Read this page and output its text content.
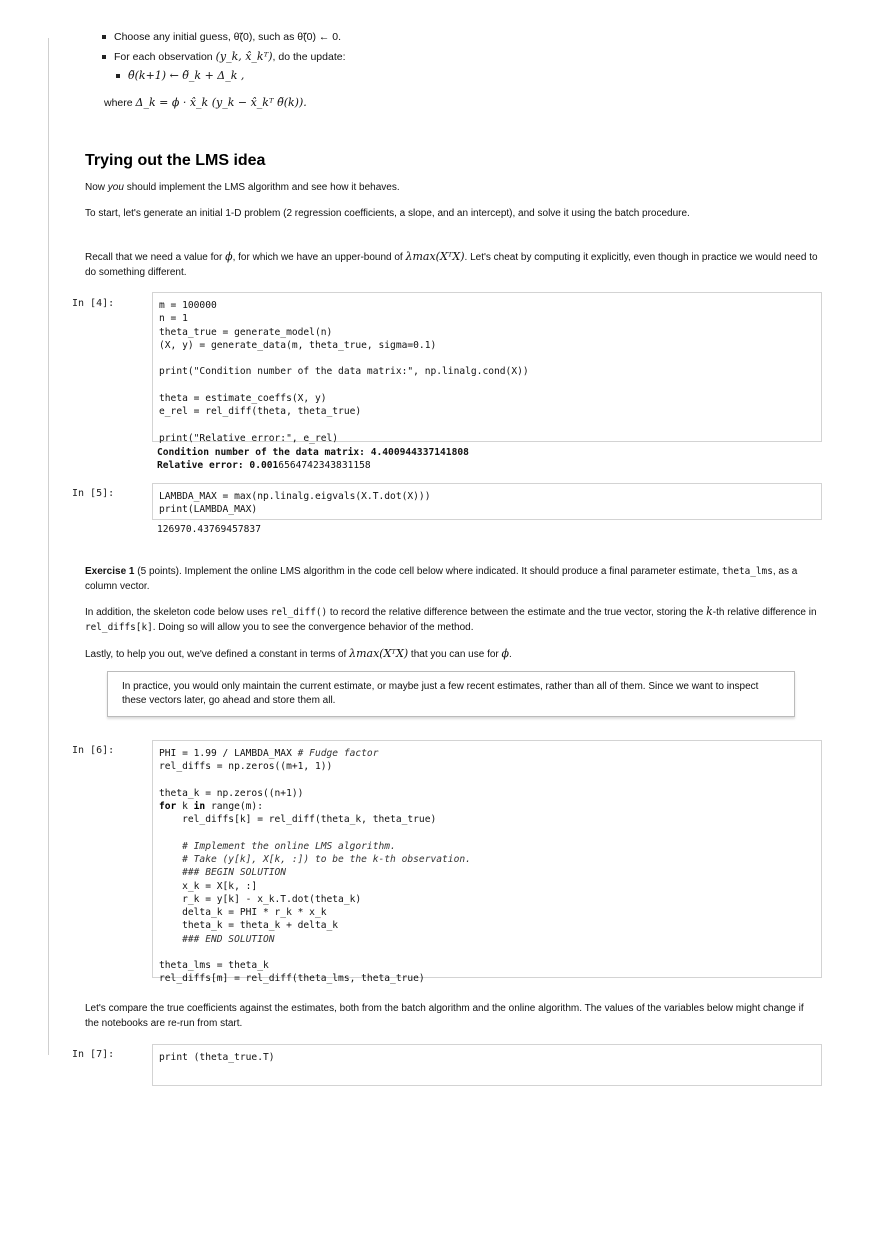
Choose any initial guess, θ̃(0), such as θ̃(0) ← 0.
For each observation (y_k, x̂_kᵀ), do the update:
θ̃(k+1) ← θ̃_k + Δ_k ,
where Δ_k = ϕ · x̂_k (y_k − x̂_kᵀ θ̃(k)).
Trying out the LMS idea

Now you should implement the LMS algorithm and see how it behaves.

To start, let's generate an initial 1-D problem (2 regression coefficients, a slope, and an intercept), and solve it using the batch procedure.

Recall that we need a value for ϕ, for which we have an upper-bound of λmax(XᵀX). Let's cheat by computing it explicitly, even though in practice we would need to do something different.

In [4]:	m = 100000
n = 1
theta_true = generate_model(n)
(X, y) = generate_data(m, theta_true, sigma=0.1)

print("Condition number of the data matrix:", np.linalg.cond(X))

theta = estimate_coeffs(X, y)
e_rel = rel_diff(theta, theta_true)

print("Relative error:", e_rel)
Condition number of the data matrix: 4.400944337141808
Relative error: 0.0016564742343831158
In [5]:	LAMBDA_MAX = max(np.linalg.eigvals(X.T.dot(X)))
print(LAMBDA_MAX)
126970.43769457837

Exercise 1 (5 points). Implement the online LMS algorithm in the code cell below where indicated. It should produce a final parameter estimate, theta_lms, as a column vector.

In addition, the skeleton code below uses rel_diff() to record the relative difference between the estimate and the true vector, storing the k-th relative difference in rel_diffs[k]. Doing so will allow you to see the convergence behavior of the method.

Lastly, to help you out, we've defined a constant in terms of λmax(XᵀX) that you can use for ϕ.

In practice, you would only maintain the current estimate, or maybe just a few recent estimates, rather than all of them. Since we want to inspect these vectors later, go ahead and store them all.

In [6]:	PHI = 1.99 / LAMBDA_MAX # Fudge factor
rel_diffs = np.zeros((m+1, 1))

theta_k = np.zeros((n+1))
for k in range(m):
rel_diffs[k] = rel_diff(theta_k, theta_true)

# Implement the online LMS algorithm.
# Take (y[k], X[k, :]) to be the k-th observation.
### BEGIN SOLUTION
x_k = X[k, :]
r_k = y[k] - x_k.T.dot(theta_k)
delta_k = PHI * r_k * x_k
theta_k = theta_k + delta_k
### END SOLUTION

theta_lms = theta_k
rel_diffs[m] = rel_diff(theta_lms, theta_true)

Let's compare the true coefficients against the estimates, both from the batch algorithm and the online algorithm. The values of the variables below might change if the notebooks are re-run from start.

In [7]:	print (theta_true.T)
